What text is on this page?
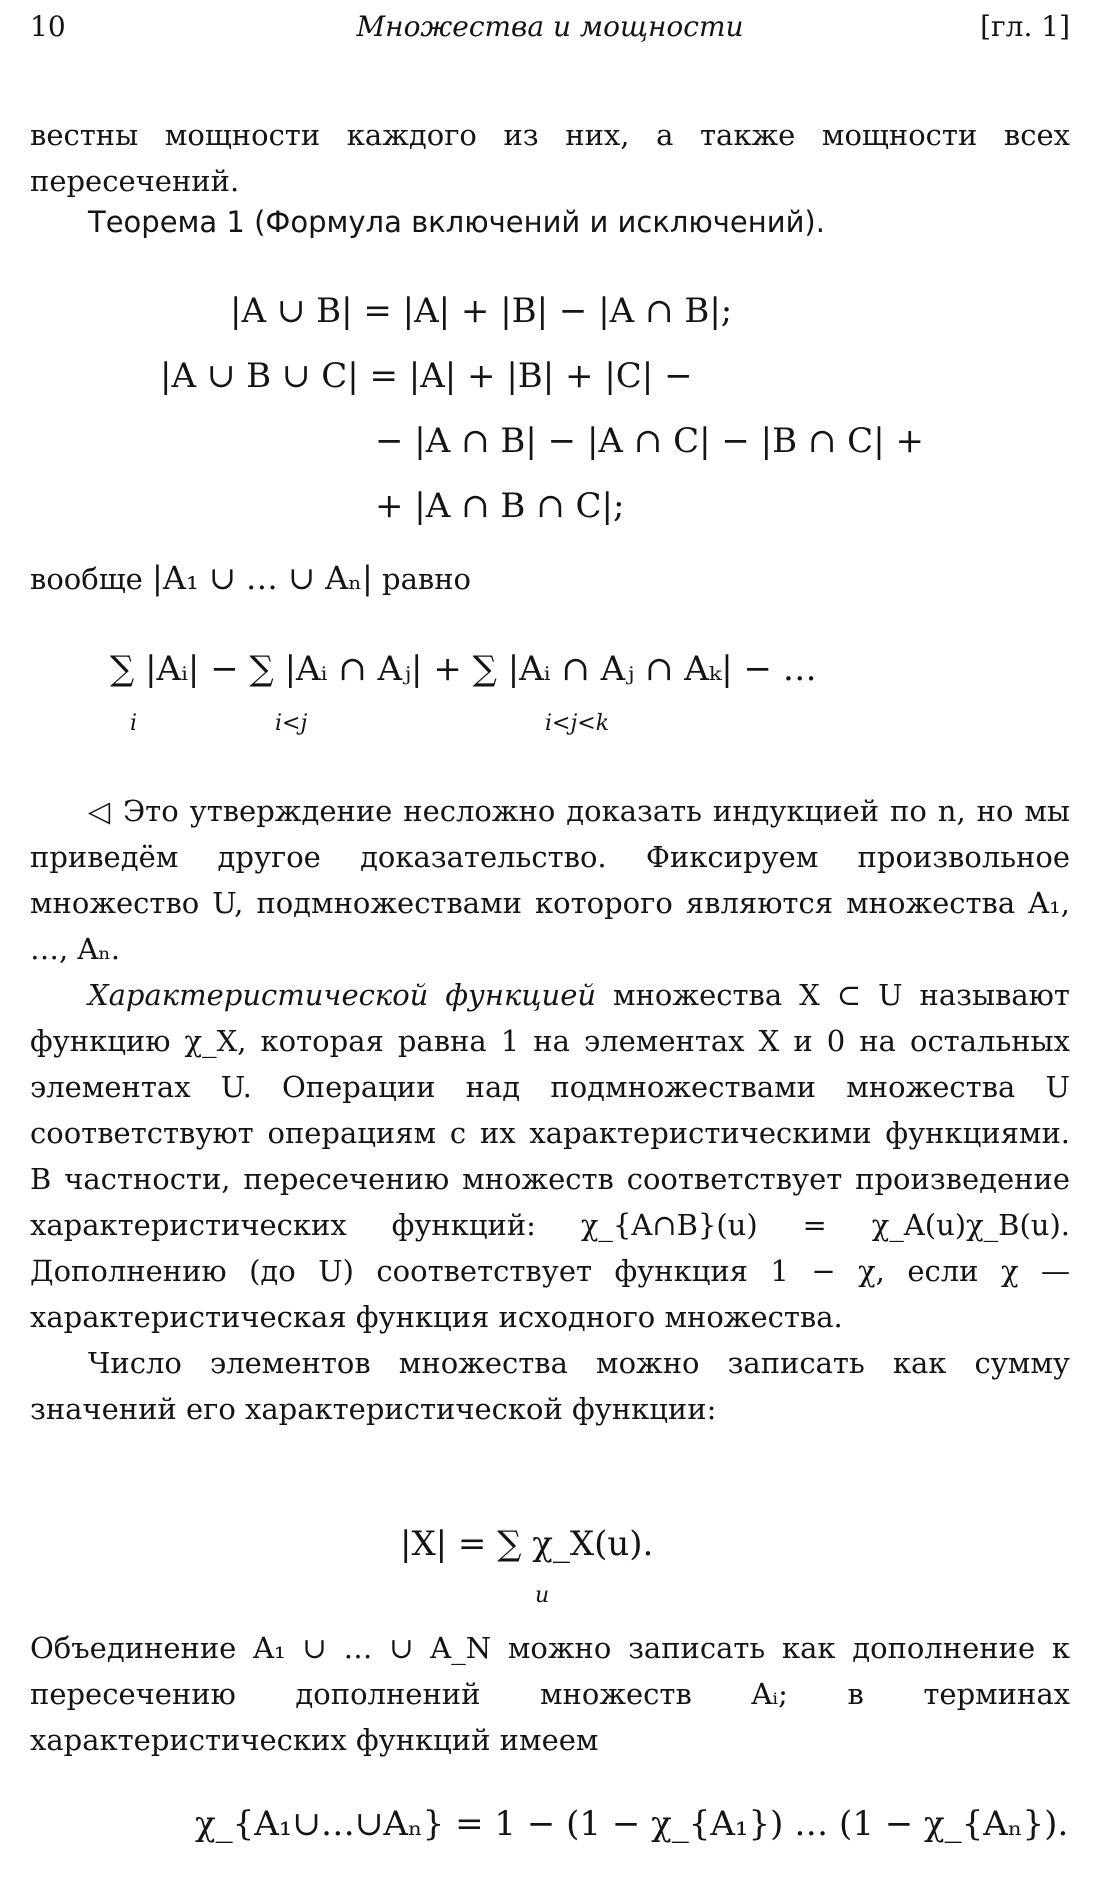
10	Множества и мощности	[гл. 1]

вестны мощности каждого из них, а также мощности всех пересечений.

Теорема 1 (Формула включений и исключений).
|A ∪ B| = |A| + |B| − |A ∩ B|;
|A ∪ B ∪ C| = |A| + |B| + |C| −
− |A ∩ B| − |A ∩ C| − |B ∩ C| +
+ |A ∩ B ∩ C|;
вообще |A₁ ∪ … ∪ Aₙ| равно
∑ |Aᵢ| − ∑ |Aᵢ ∩ Aⱼ| + ∑ |Aᵢ ∩ Aⱼ ∩ Aₖ| − …
i	i<j	i<j<k

◁ Это утверждение несложно доказать индукцией по n, но мы приведём другое доказательство. Фиксируем произвольное множество U, подмножествами которого являются множества A₁, …, Aₙ.

Характеристической функцией множества X ⊂ U называют функцию χ_X, которая равна 1 на элементах X и 0 на остальных элементах U. Операции над подмножествами множества U соответствуют операциям с их характеристическими функциями. В частности, пересечению множеств соответствует произведение характеристических функций: χ_{A∩B}(u) = χ_A(u)χ_B(u). Дополнению (до U) соответствует функция 1 − χ, если χ — характеристическая функция исходного множества.

Число элементов множества можно записать как сумму значений его характеристической функции:

|X| = ∑ χ_X(u).
u

Объединение A₁ ∪ … ∪ A_N можно записать как дополнение к пересечению дополнений множеств Aᵢ; в терминах характеристических функций имеем

χ_{A₁∪…∪Aₙ} = 1 − (1 − χ_{A₁}) … (1 − χ_{Aₙ}).
